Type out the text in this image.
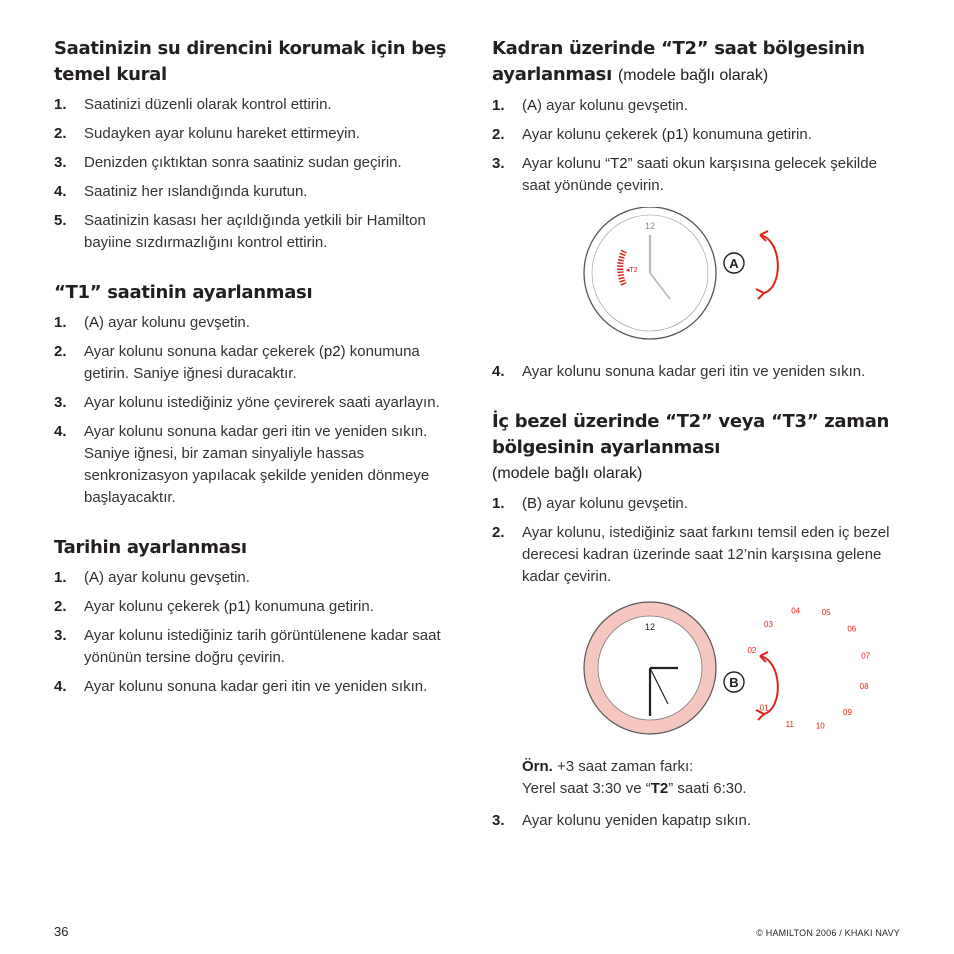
Saatinizin su direncini korumak için beş temel kural
1. Saatinizi düzenli olarak kontrol ettirin.
2. Sudayken ayar kolunu hareket ettirmeyin.
3. Denizden çıktıktan sonra saatiniz sudan geçirin.
4. Saatiniz her ıslandığında kurutun.
5. Saatinizin kasası her açıldığında yetkili bir Hamilton bayiine sızdırmazlığını kontrol ettirin.
“T1” saatinin ayarlanması
1. (A) ayar kolunu gevşetin.
2. Ayar kolunu sonuna kadar çekerek (p2) konumuna getirin. Saniye iğnesi duracaktır.
3. Ayar kolunu istediğiniz yöne çevirerek saati ayarlayın.
4. Ayar kolunu sonuna kadar geri itin ve yeniden sıkın. Saniye iğnesi, bir zaman sinyaliyle hassas senkronizasyon yapılacak şekilde yeniden dönmeye başlayacaktır.
Tarihin ayarlanması
1. (A) ayar kolunu gevşetin.
2. Ayar kolunu çekerek (p1) konumuna getirin.
3. Ayar kolunu istediğiniz tarih görüntülenene kadar saat yönünün tersine doğru çevirin.
4. Ayar kolunu sonuna kadar geri itin ve yeniden sıkın.
Kadran üzerinde “T2” saat bölgesinin ayarlanması (modele bağlı olarak)
1. (A) ayar kolunu gevşetin.
2. Ayar kolunu çekerek (p1) konumuna getirin.
3. Ayar kolunu “T2” saati okun karşısına gelecek şekilde saat yönünde çevirin.
12
◂T2	A
4. Ayar kolunu sonuna kadar geri itin ve yeniden sıkın.
İç bezel üzerinde “T2” veya “T3” zaman bölgesinin ayarlanması
(modele bağlı olarak)
1. (B) ayar kolunu gevşetin.
2. Ayar kolunu, istediğiniz saat farkını temsil eden iç bezel derecesi kadran üzerinde saat 12’nin karşısına gelene kadar çevirin.
02
03
04	05
06
07
08
09
10
11
01
12
B
Örn. +3 saat zaman farkı:
Yerel saat 3:30 ve “T2” saati 6:30.
3. Ayar kolunu yeniden kapatıp sıkın.
36	© HAMILTON 2006 / KHAKI NAVY
